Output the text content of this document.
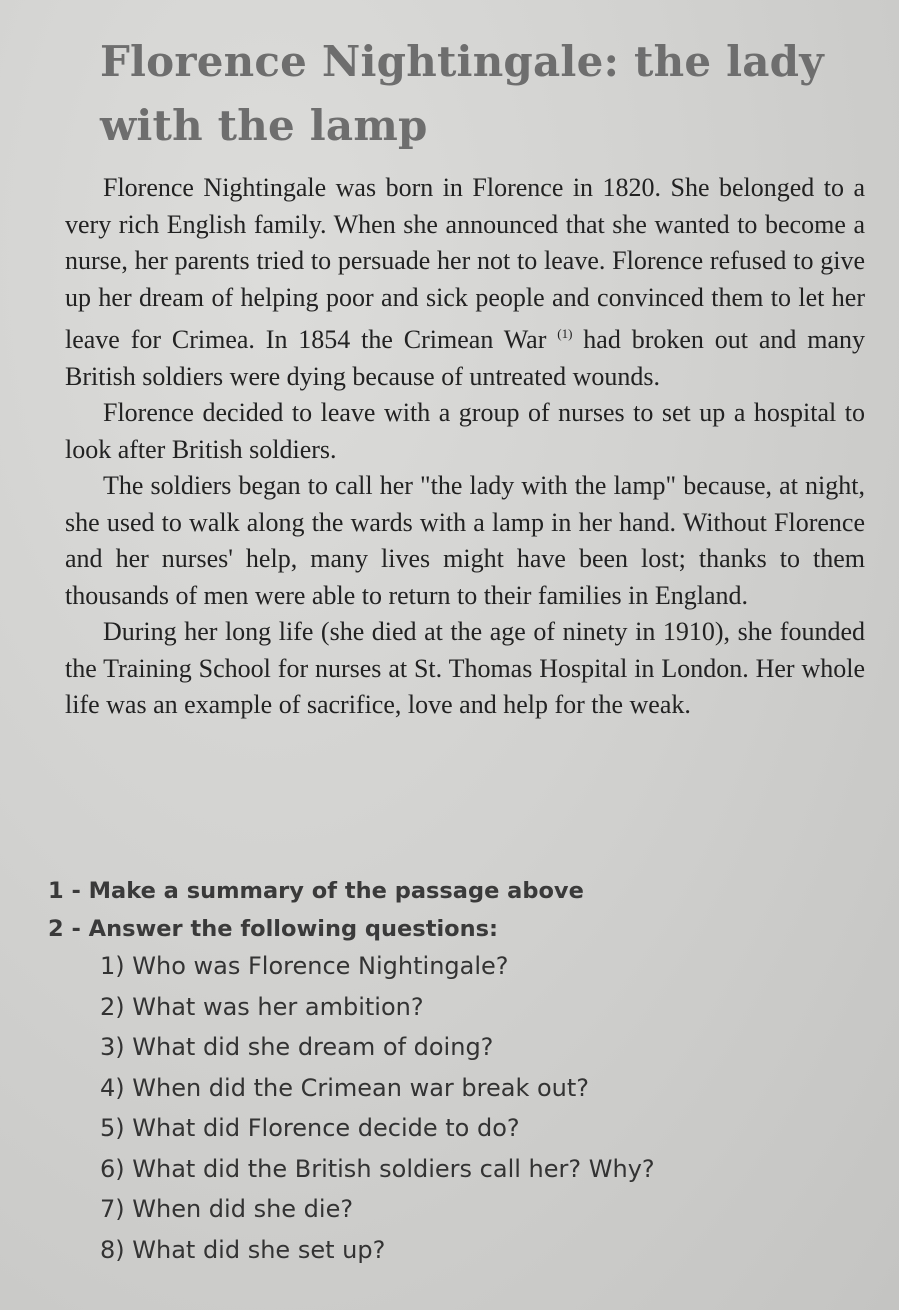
Florence Nightingale: the lady with the lamp

Florence Nightingale was born in Florence in 1820. She belonged to a very rich English family. When she announced that she wanted to become a nurse, her parents tried to persuade her not to leave. Florence refused to give up her dream of helping poor and sick people and convinced them to let her leave for Crimea. In 1854 the Crimean War $^{(1)}$ had broken out and many British soldiers were dying because of untreated wounds.

Florence decided to leave with a group of nurses to set up a hospital to look after British soldiers.

The soldiers began to call her "the lady with the lamp" because, at night, she used to walk along the wards with a lamp in her hand. Without Florence and her nurses' help, many lives might have been lost; thanks to them thousands of men were able to return to their families in England.

During her long life (she died at the age of ninety in 1910), she founded the Training School for nurses at St. Thomas Hospital in London. Her whole life was an example of sacrifice, love and help for the weak.

1 - Make a summary of the passage above

2 - Answer the following questions:

1) Who was Florence Nightingale?
2) What was her ambition?
3) What did she dream of doing?
4) When did the Crimean war break out?
5) What did Florence decide to do?
6) What did the British soldiers call her? Why?
7) When did she die?
8) What did she set up?
